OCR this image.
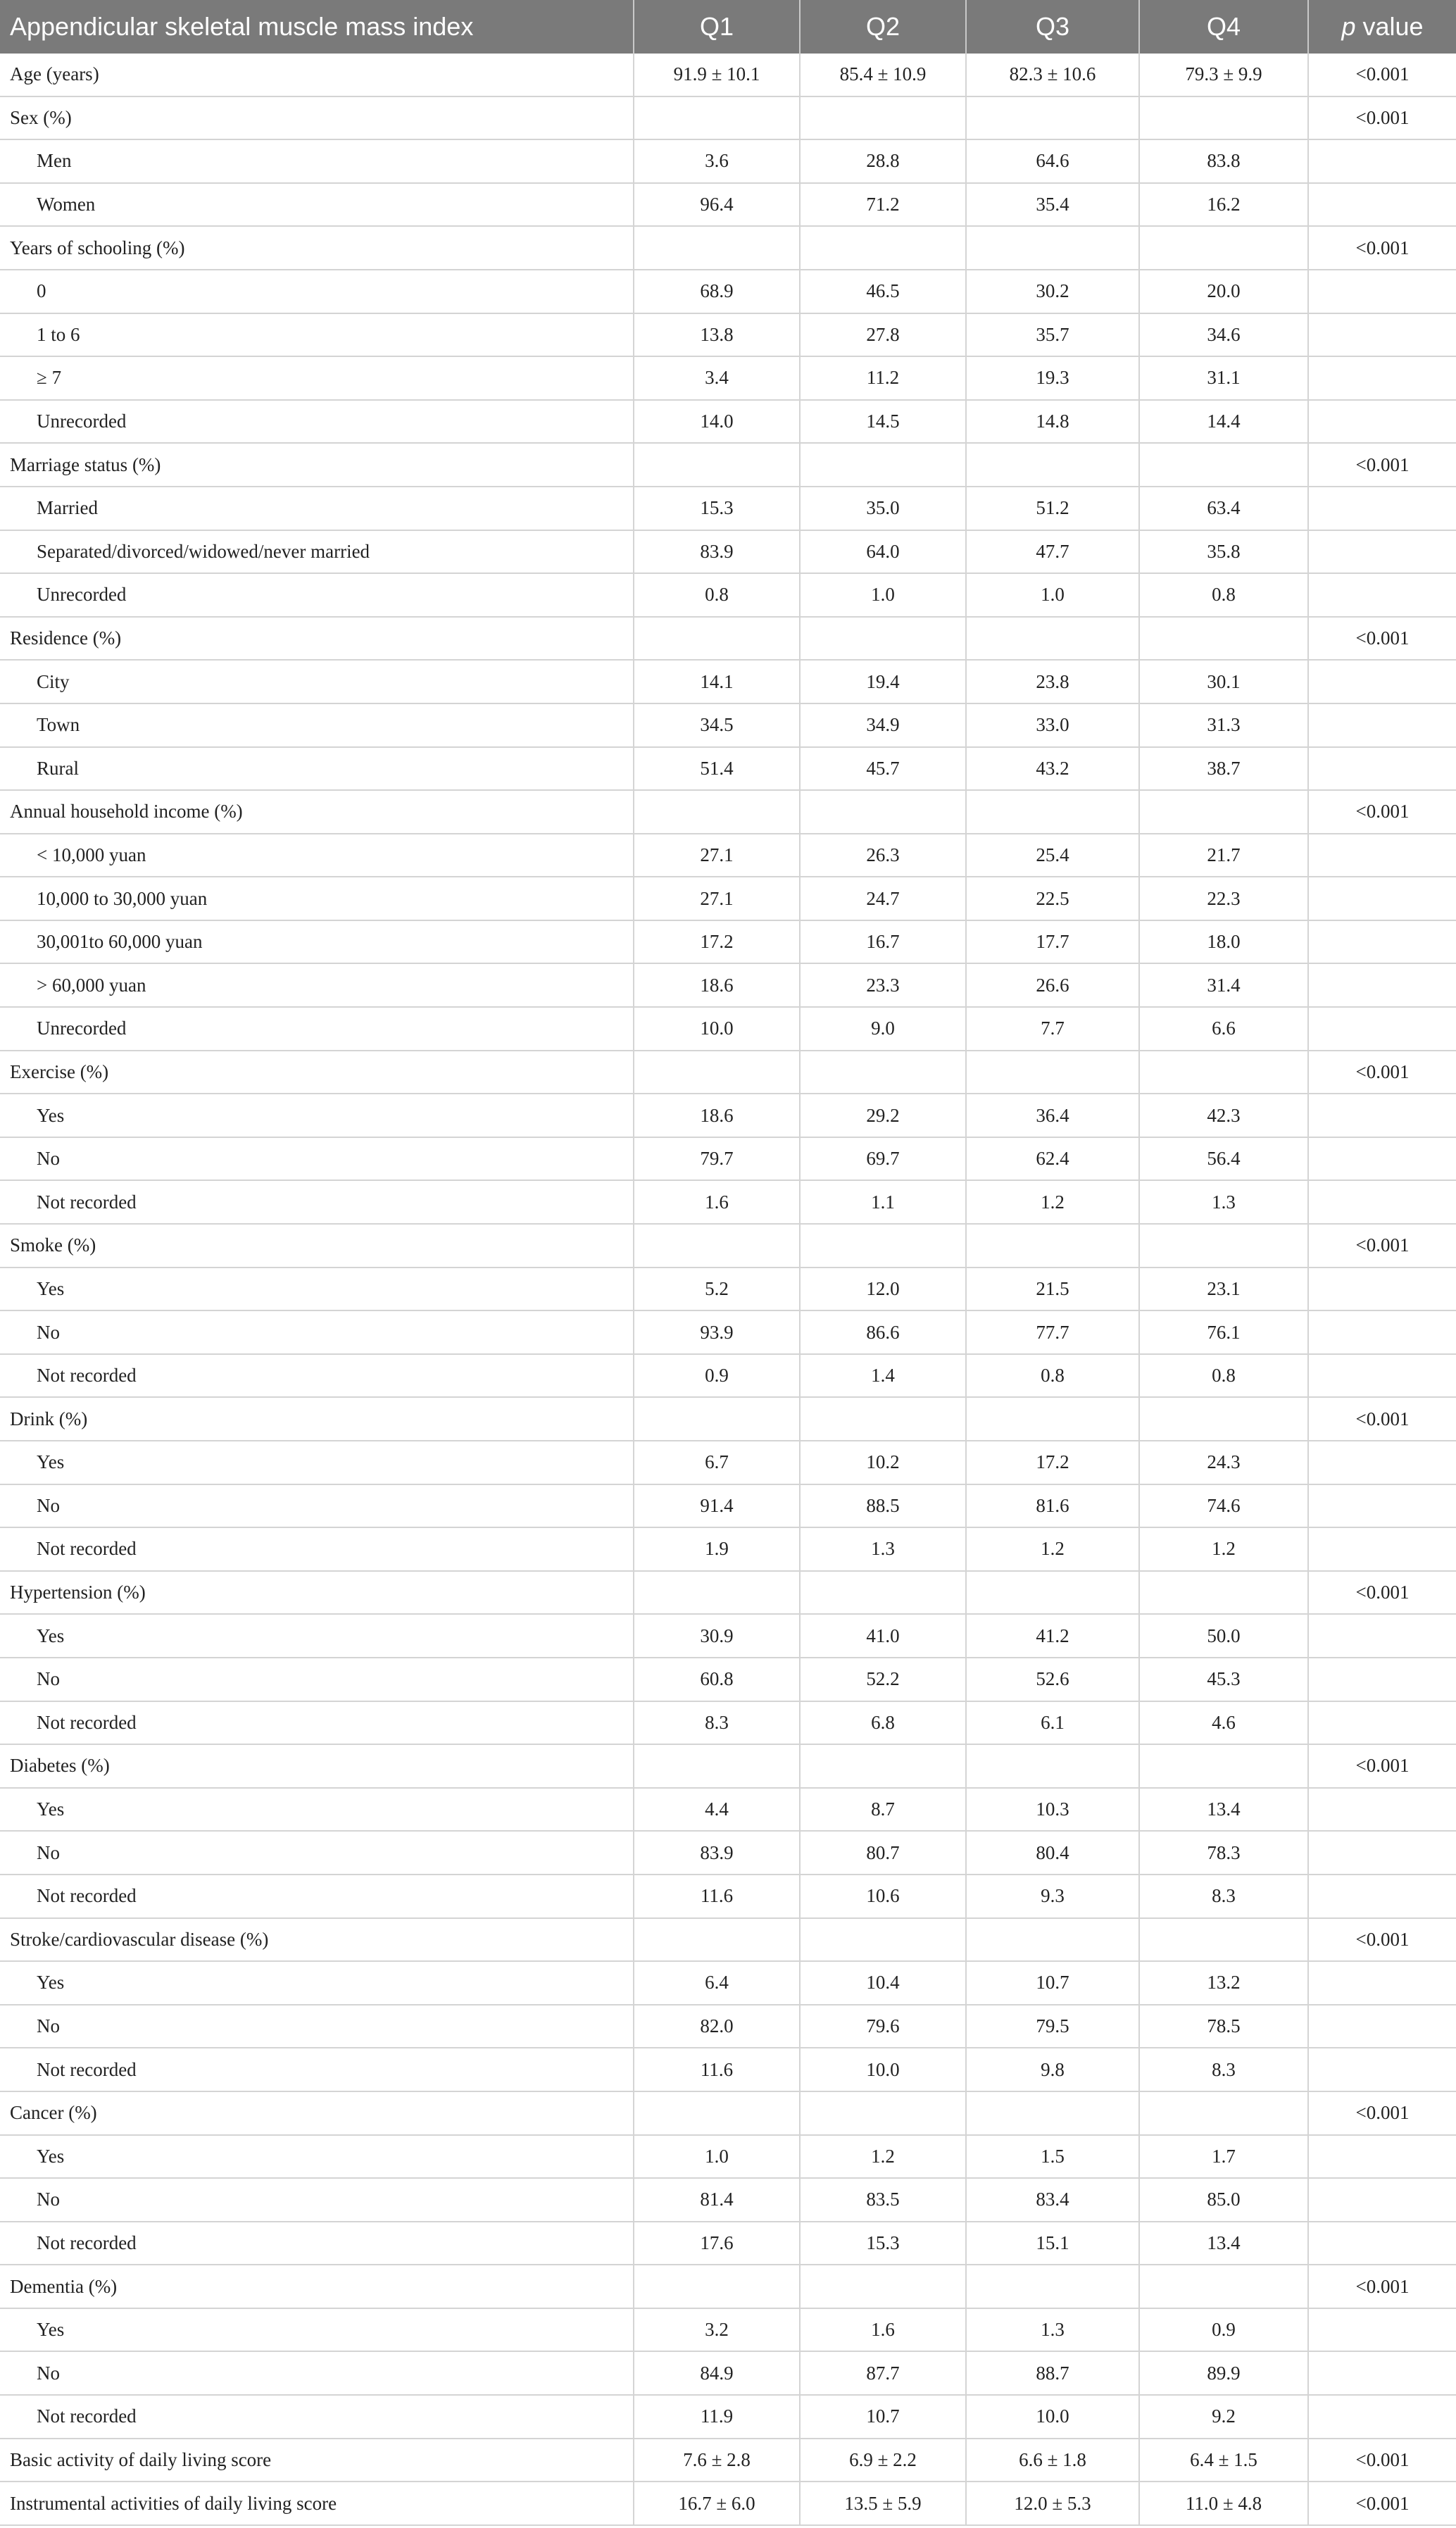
Appendicular skeletal muscle mass index	Q1	Q2	Q3	Q4	p value
Age (years)	91.9 ± 10.1	85.4 ± 10.9	82.3 ± 10.6	79.3 ± 9.9	<0.001
Sex (%)					<0.001
Men	3.6	28.8	64.6	83.8	
Women	96.4	71.2	35.4	16.2	
Years of schooling (%)					<0.001
0	68.9	46.5	30.2	20.0	
1 to 6	13.8	27.8	35.7	34.6	
≥ 7	3.4	11.2	19.3	31.1	
Unrecorded	14.0	14.5	14.8	14.4	
Marriage status (%)					<0.001
Married	15.3	35.0	51.2	63.4	
Separated/divorced/widowed/never married	83.9	64.0	47.7	35.8	
Unrecorded	0.8	1.0	1.0	0.8	
Residence (%)					<0.001
City	14.1	19.4	23.8	30.1	
Town	34.5	34.9	33.0	31.3	
Rural	51.4	45.7	43.2	38.7	
Annual household income (%)					<0.001
< 10,000 yuan	27.1	26.3	25.4	21.7	
10,000 to 30,000 yuan	27.1	24.7	22.5	22.3	
30,001to 60,000 yuan	17.2	16.7	17.7	18.0	
> 60,000 yuan	18.6	23.3	26.6	31.4	
Unrecorded	10.0	9.0	7.7	6.6	
Exercise (%)					<0.001
Yes	18.6	29.2	36.4	42.3	
No	79.7	69.7	62.4	56.4	
Not recorded	1.6	1.1	1.2	1.3	
Smoke (%)					<0.001
Yes	5.2	12.0	21.5	23.1	
No	93.9	86.6	77.7	76.1	
Not recorded	0.9	1.4	0.8	0.8	
Drink (%)					<0.001
Yes	6.7	10.2	17.2	24.3	
No	91.4	88.5	81.6	74.6	
Not recorded	1.9	1.3	1.2	1.2	
Hypertension (%)					<0.001
Yes	30.9	41.0	41.2	50.0	
No	60.8	52.2	52.6	45.3	
Not recorded	8.3	6.8	6.1	4.6	
Diabetes (%)					<0.001
Yes	4.4	8.7	10.3	13.4	
No	83.9	80.7	80.4	78.3	
Not recorded	11.6	10.6	9.3	8.3	
Stroke/cardiovascular disease (%)					<0.001
Yes	6.4	10.4	10.7	13.2	
No	82.0	79.6	79.5	78.5	
Not recorded	11.6	10.0	9.8	8.3	
Cancer (%)					<0.001
Yes	1.0	1.2	1.5	1.7	
No	81.4	83.5	83.4	85.0	
Not recorded	17.6	15.3	15.1	13.4	
Dementia (%)					<0.001
Yes	3.2	1.6	1.3	0.9	
No	84.9	87.7	88.7	89.9	
Not recorded	11.9	10.7	10.0	9.2	
Basic activity of daily living score	7.6 ± 2.8	6.9 ± 2.2	6.6 ± 1.8	6.4 ± 1.5	<0.001
Instrumental activities of daily living score	16.7 ± 6.0	13.5 ± 5.9	12.0 ± 5.3	11.0 ± 4.8	<0.001
